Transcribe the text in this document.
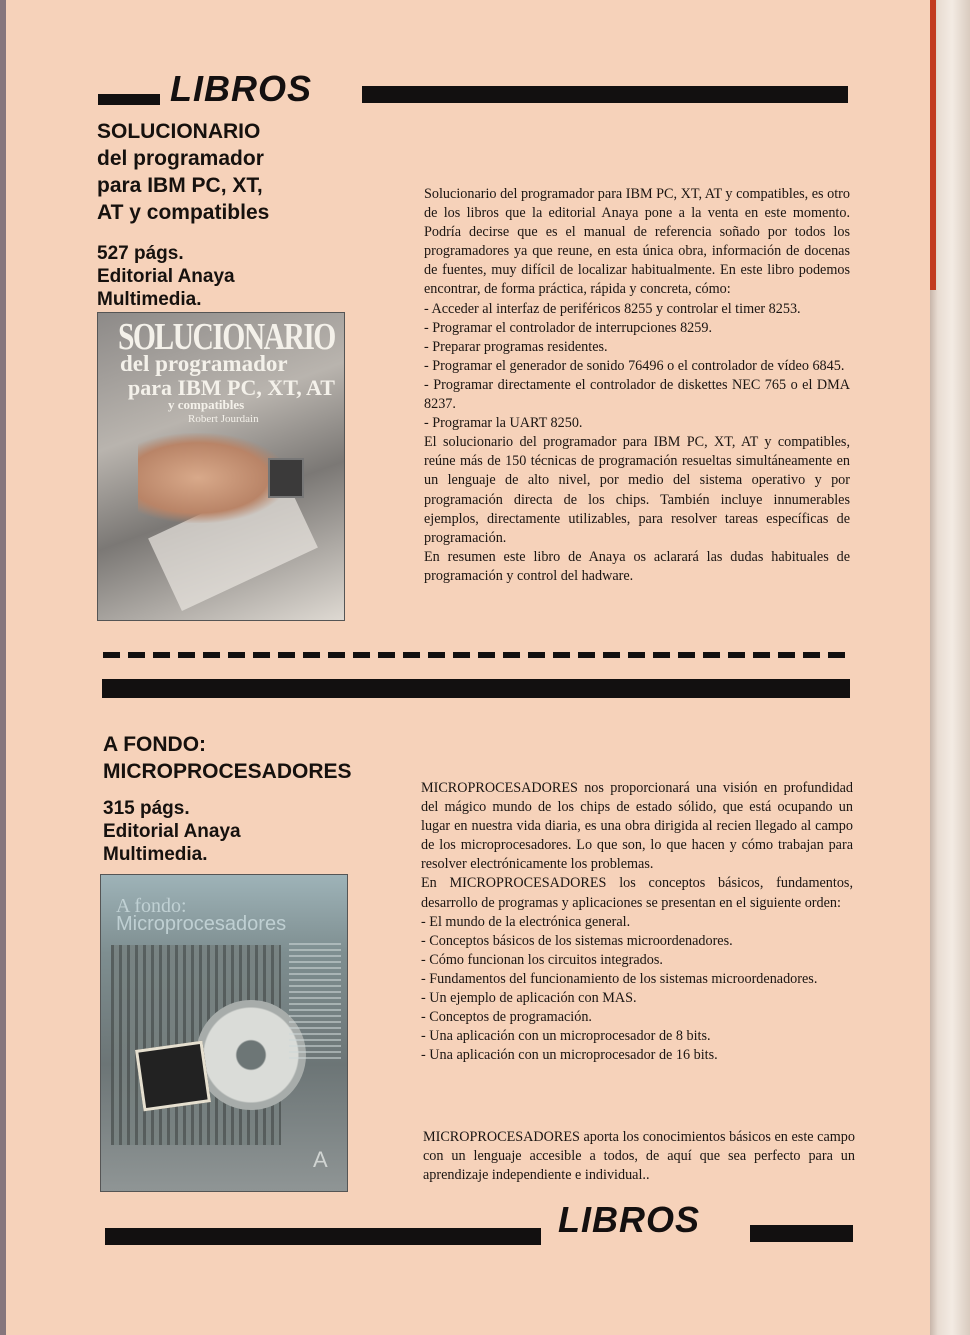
LIBROS
SOLUCIONARIO
del programador
para IBM PC, XT,
AT y compatibles
527 págs.
Editorial Anaya
Multimedia.
SOLUCIONARIO
del programador
para IBM PC, XT, AT
y compatibles
Robert Jourdain

Solucionario del programador para IBM PC, XT, AT y compatibles, es otro de los libros que la editorial Anaya pone a la venta en este momento. Podría decirse que es el manual de referencia soñado por todos los programadores ya que reune, en esta única obra, información de docenas de fuentes, muy difícil de localizar habitualmente. En este libro podemos encontrar, de forma práctica, rápida y concreta, cómo:

- Acceder al interfaz de periféricos 8255 y controlar el timer 8253.

- Programar el controlador de interrupciones 8259.

- Preparar programas residentes.

- Programar el generador de sonido 76496 o el controlador de vídeo 6845.

- Programar directamente el controlador de diskettes NEC 765 o el DMA 8237.

- Programar la UART 8250.

El solucionario del programador para IBM PC, XT, AT y compatibles, reúne más de 150 técnicas de programación resueltas simultáneamente en un lenguaje de alto nivel, por medio del sistema operativo y por programación directa de los chips. También incluye innumerables ejemplos, directamente utilizables, para resolver tareas específicas de programación.

En resumen este libro de Anaya os aclarará las dudas habituales de programación y control del hadware.

A FONDO:
MICROPROCESADORES
315 págs.
Editorial Anaya
Multimedia.
A fondo:
Microprocesadores
A

MICROPROCESADORES nos proporcionará una visión en profundidad del mágico mundo de los chips de estado sólido, que está ocupando un lugar en nuestra vida diaria, es una obra dirigida al recien llegado al campo de los microprocesadores. Lo que son, lo que hacen y cómo trabajan para resolver electrónicamente los problemas.

En MICROPROCESADORES los conceptos básicos, fundamentos, desarrollo de programas y aplicaciones se presentan en el siguiente orden:

- El mundo de la electrónica general.

- Conceptos básicos de los sistemas microordenadores.

- Cómo funcionan los circuitos integrados.

- Fundamentos del funcionamiento de los sistemas microordenadores.

- Un ejemplo de aplicación con MAS.

- Conceptos de programación.

- Una aplicación con un microprocesador de 8 bits.

- Una aplicación con un microprocesador de 16 bits.

MICROPROCESADORES aporta los conocimientos básicos en este campo con un lenguaje accesible a todos, de aquí que sea perfecto para un aprendizaje independiente e individual..

LIBROS
